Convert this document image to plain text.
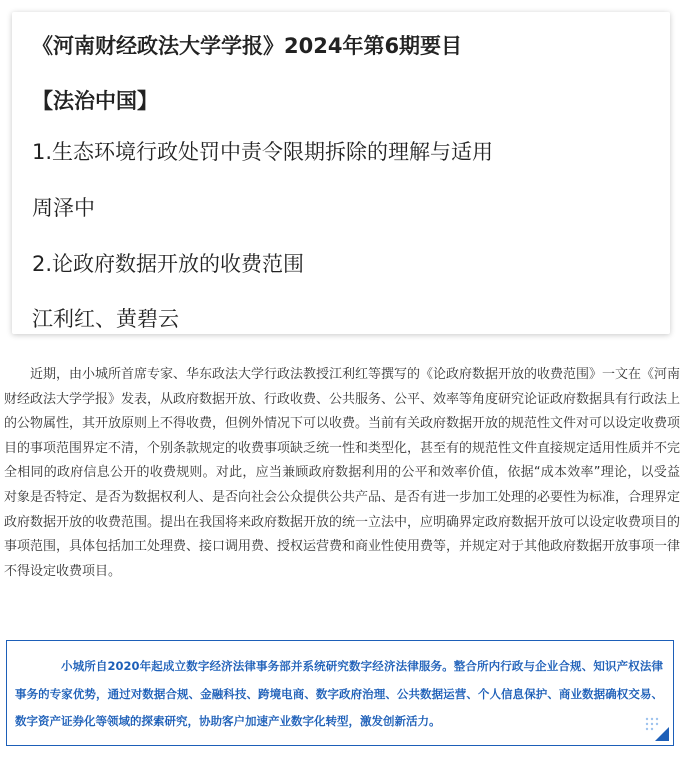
《河南财经政法大学学报》2024年第6期要目
【法治中国】
1.生态环境行政处罚中责令限期拆除的理解与适用
周泽中
2.论政府数据开放的收费范围
江利红、黄碧云

近期，由小城所首席专家、华东政法大学行政法教授江利红等撰写的《论政府数据开放的收费范围》一文在《河南财经政法大学学报》发表，从政府数据开放、行政收费、公共服务、公平、效率等角度研究论证政府数据具有行政法上的公物属性，其开放原则上不得收费，但例外情况下可以收费。当前有关政府数据开放的规范性文件对可以设定收费项目的事项范围界定不清，个别条款规定的收费事项缺乏统一性和类型化，甚至有的规范性文件直接规定适用性质并不完全相同的政府信息公开的收费规则。对此，应当兼顾政府数据利用的公平和效率价值，依据“成本效率”理论，以受益对象是否特定、是否为数据权利人、是否向社会公众提供公共产品、是否有进一步加工处理的必要性为标准，合理界定政府数据开放的收费范围。提出在我国将来政府数据开放的统一立法中，应明确界定政府数据开放可以设定收费项目的事项范围，具体包括加工处理费、接口调用费、授权运营费和商业性使用费等，并规定对于其他政府数据开放事项一律不得设定收费项目。

小城所自2020年起成立数字经济法律事务部并系统研究数字经济法律服务。整合所内行政与企业合规、知识产权法律事务的专家优势，通过对数据合规、金融科技、跨境电商、数字政府治理、公共数据运营、个人信息保护、商业数据确权交易、数字资产证券化等领域的探索研究，协助客户加速产业数字化转型，激发创新活力。
